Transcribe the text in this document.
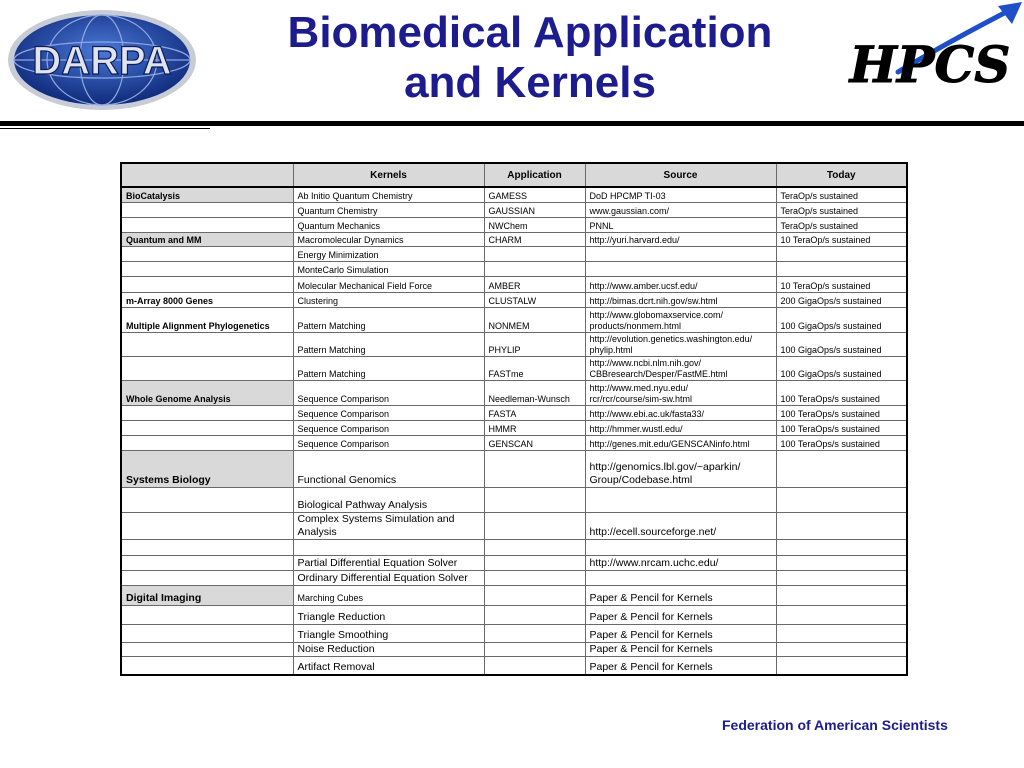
DARPA
Biomedical Application
and Kernels	HPCS
	Kernels	Application	Source	Today
BioCatalysis	Ab Initio Quantum Chemistry	GAMESS	DoD HPCMP TI-03	TeraOp/s sustained
	Quantum Chemistry	GAUSSIAN	www.gaussian.com/	TeraOp/s sustained
	Quantum Mechanics	NWChem	PNNL	TeraOp/s sustained
Quantum and MM	Macromolecular Dynamics	CHARM	http://yuri.harvard.edu/	10 TeraOp/s sustained
	Energy Minimization			
	MonteCarlo Simulation			
	Molecular Mechanical Field Force	AMBER	http://www.amber.ucsf.edu/	10 TeraOp/s sustained
m-Array 8000 Genes	Clustering	CLUSTALW	http://bimas.dcrt.nih.gov/sw.html	200 GigaOps/s sustained
Multiple Alignment Phylogenetics	Pattern Matching	NONMEM	http://www.globomaxservice.com/
products/nonmem.html	100 GigaOps/s sustained
	Pattern Matching	PHYLIP	http://evolution.genetics.washington.edu/
phylip.html	100 GigaOps/s sustained
	Pattern Matching	FASTme	http://www.ncbi.nlm.nih.gov/
CBBresearch/Desper/FastME.html	100 GigaOps/s sustained
Whole Genome Analysis	Sequence Comparison	Needleman-Wunsch	http://www.med.nyu.edu/
rcr/rcr/course/sim-sw.html	100 TeraOps/s sustained
	Sequence Comparison	FASTA	http://www.ebi.ac.uk/fasta33/	100 TeraOps/s sustained
	Sequence Comparison	HMMR	http://hmmer.wustl.edu/	100 TeraOps/s sustained
	Sequence Comparison	GENSCAN	http://genes.mit.edu/GENSCANinfo.html	100 TeraOps/s sustained
Systems Biology	Functional Genomics		http://genomics.lbl.gov/~aparkin/
Group/Codebase.html	

	Biological Pathway Analysis			

	Complex Systems Simulation and
Analysis		http://ecell.sourceforge.net/	

	Partial Differential Equation Solver		http://www.nrcam.uchc.edu/	
	Ordinary Differential Equation Solver			
Digital Imaging	Marching Cubes		Paper & Pencil for Kernels	
	Triangle Reduction		Paper & Pencil for Kernels	
	Triangle Smoothing		Paper & Pencil for Kernels	
	Noise Reduction		Paper & Pencil for Kernels	
	Artifact Removal		Paper & Pencil for Kernels	
Federation of American Scientists
